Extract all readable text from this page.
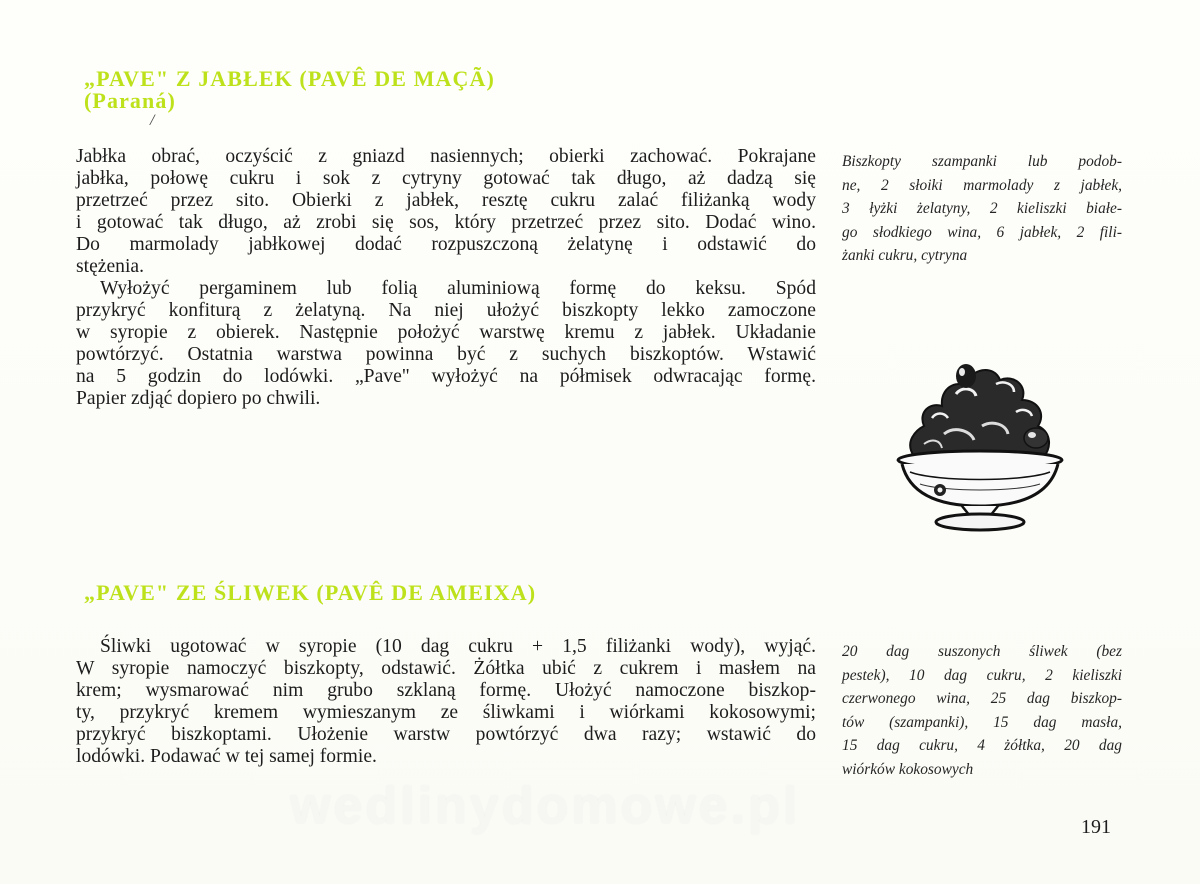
„PAVE" Z JABŁEK (PAVÊ DE MAÇÃ)
(Paraná)
/
Jabłka obrać, oczyścić z gniazd nasiennych; obierki zachować. Pokrajane
jabłka, połowę cukru i sok z cytryny gotować tak długo, aż dadzą się
przetrzeć przez sito. Obierki z jabłek, resztę cukru zalać filiżanką wody
i gotować tak długo, aż zrobi się sos, który przetrzeć przez sito. Dodać wino.
Do marmolady jabłkowej dodać rozpuszczoną żelatynę i odstawić do
stężenia.
Wyłożyć pergaminem lub folią aluminiową formę do keksu. Spód
przykryć konfiturą z żelatyną. Na niej ułożyć biszkopty lekko zamoczone
w syropie z obierek. Następnie położyć warstwę kremu z jabłek. Układanie
powtórzyć. Ostatnia warstwa powinna być z suchych biszkoptów. Wstawić
na 5 godzin do lodówki. „Pave" wyłożyć na półmisek odwracając formę.
Papier zdjąć dopiero po chwili.
Biszkopty szampanki lub podob-
ne, 2 słoiki marmolady z jabłek,
3 łyżki żelatyny, 2 kieliszki białe-
go słodkiego wina, 6 jabłek, 2 fili-
żanki cukru, cytryna
„PAVE" ZE ŚLIWEK (PAVÊ DE AMEIXA)
Śliwki ugotować w syropie (10 dag cukru + 1,5 filiżanki wody), wyjąć.
W syropie namoczyć biszkopty, odstawić. Żółtka ubić z cukrem i masłem na
krem; wysmarować nim grubo szklaną formę. Ułożyć namoczone biszkop-
ty, przykryć kremem wymieszanym ze śliwkami i wiórkami kokosowymi;
przykryć biszkoptami. Ułożenie warstw powtórzyć dwa razy; wstawić do
lodówki. Podawać w tej samej formie.
20 dag suszonych śliwek (bez
pestek), 10 dag cukru, 2 kieliszki
czerwonego wina, 25 dag biszkop-
tów (szampanki), 15 dag masła,
15 dag cukru, 4 żółtka, 20 dag
wiórków kokosowych
wedlinydomowe.pl	191
